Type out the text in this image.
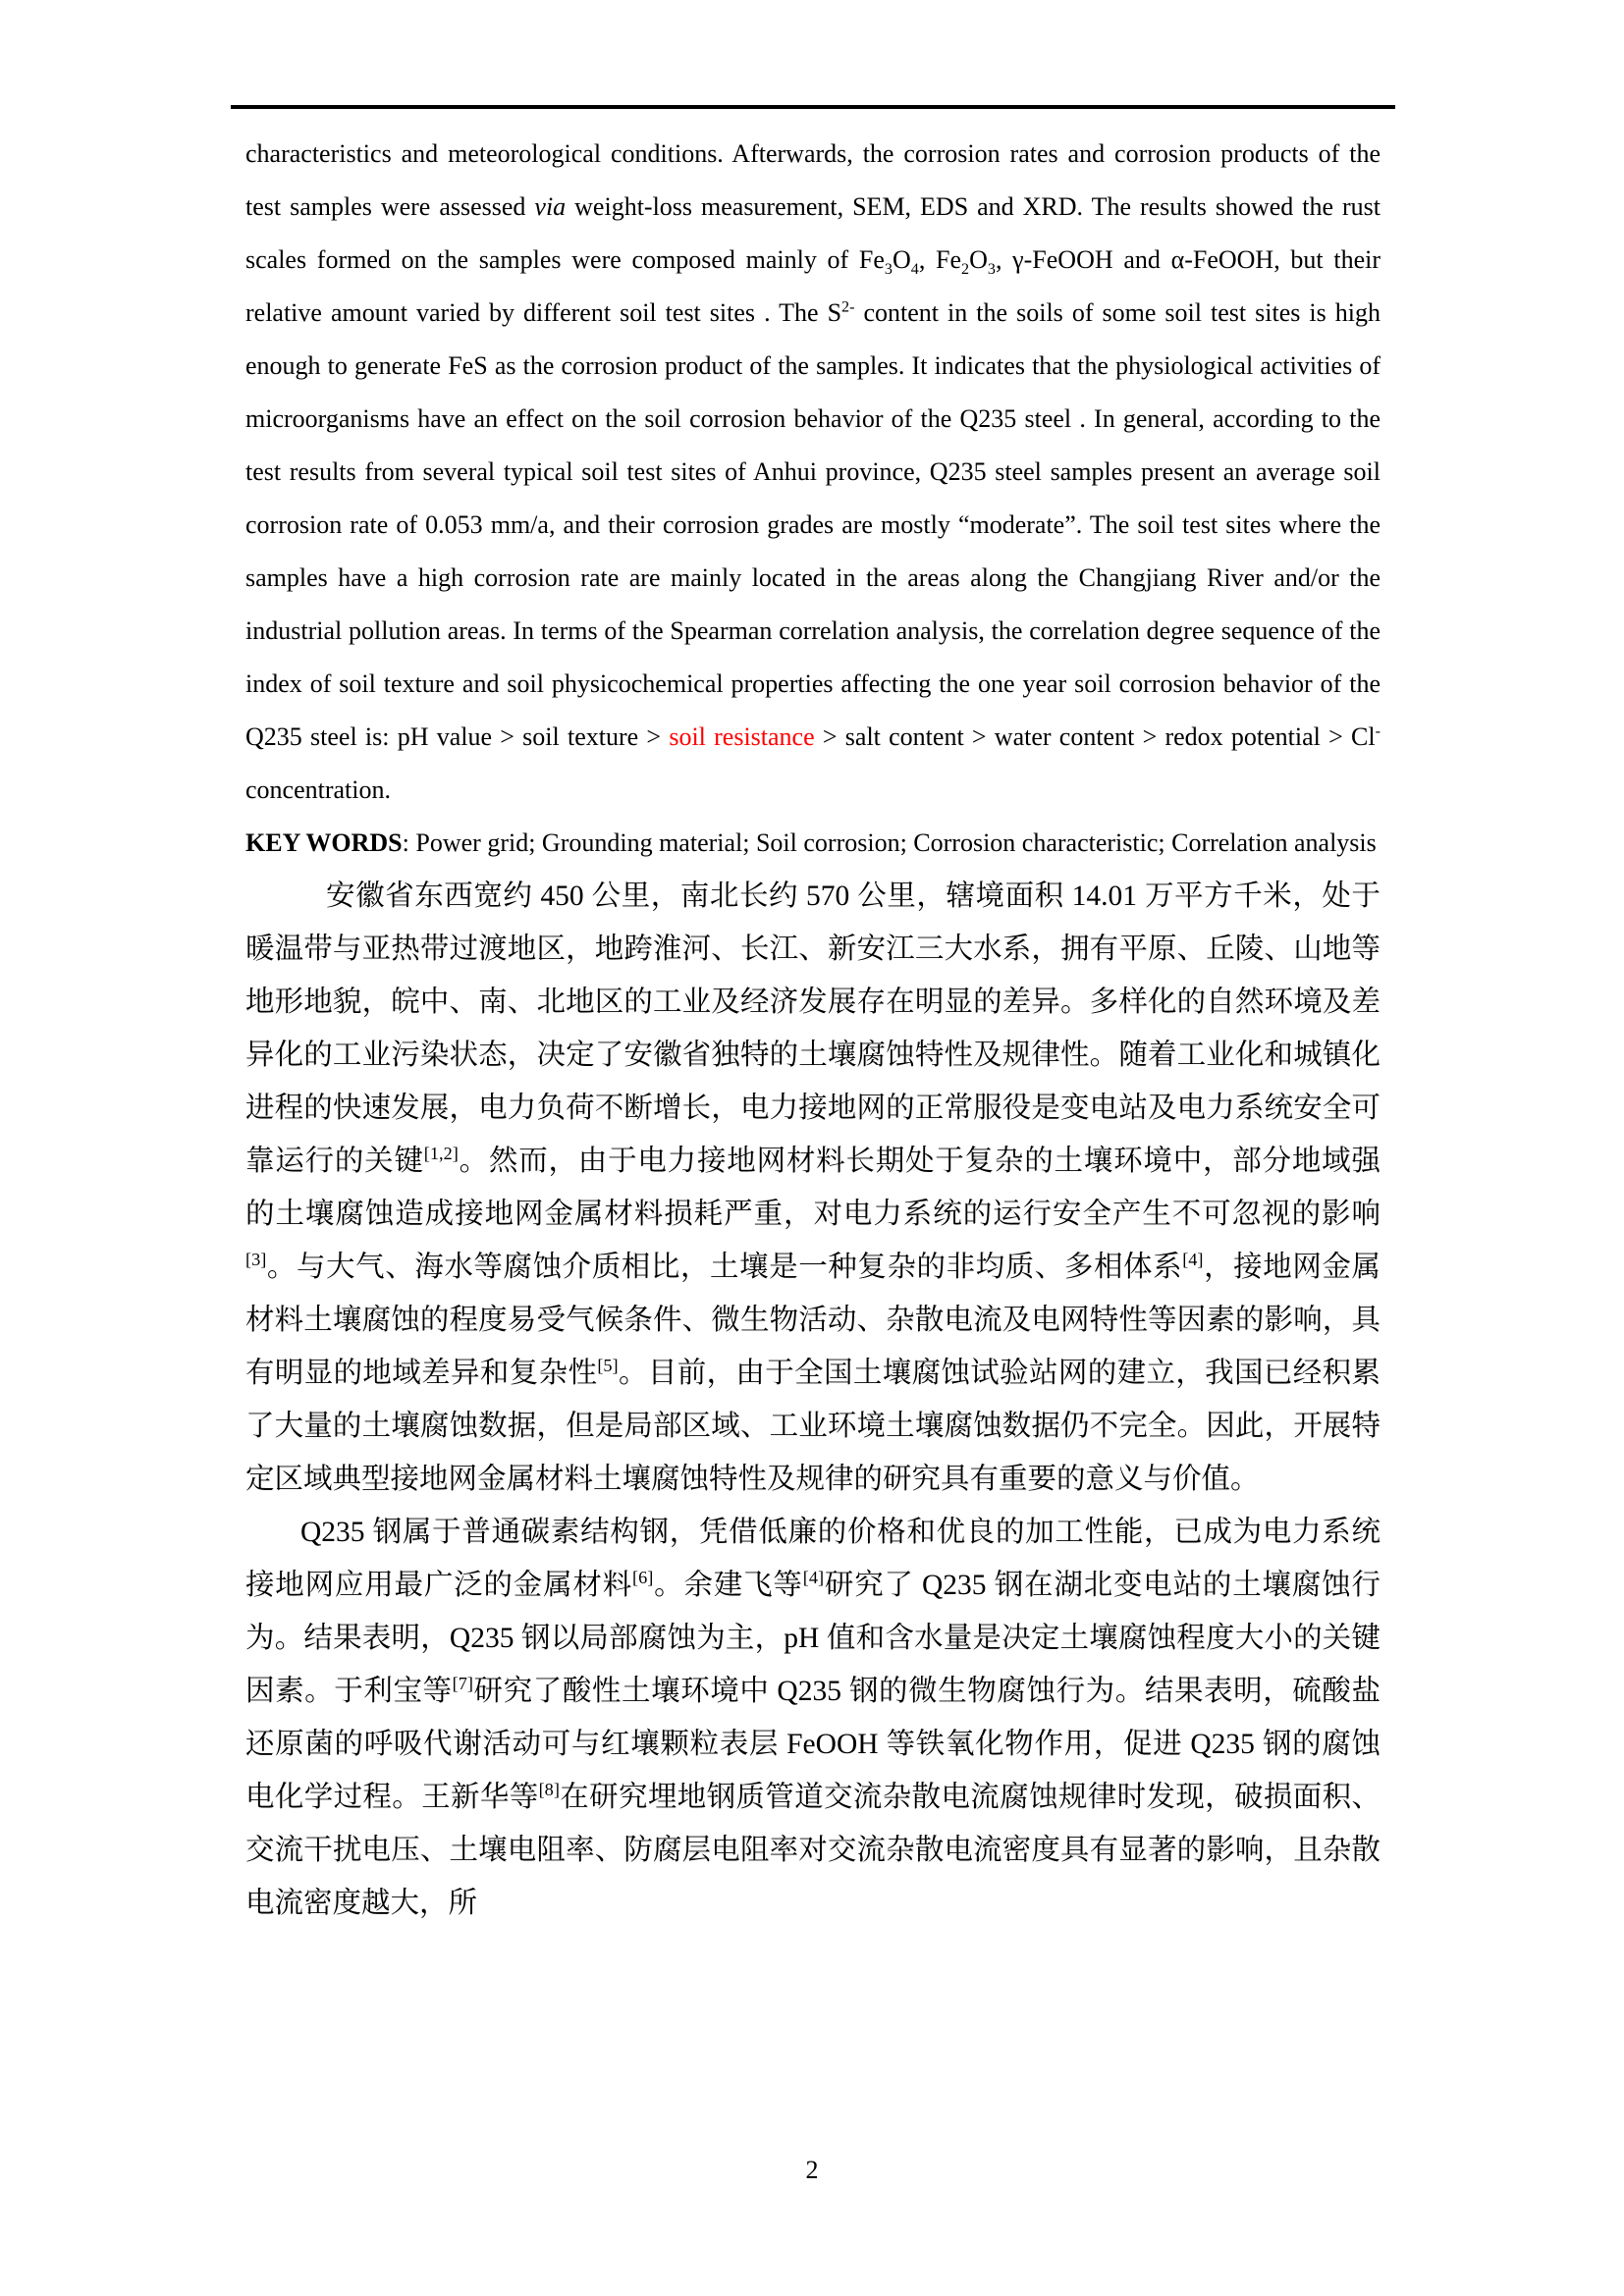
characteristics and meteorological conditions. Afterwards, the corrosion rates and corrosion products of the test samples were assessed via weight-loss measurement, SEM, EDS and XRD. The results showed the rust scales formed on the samples were composed mainly of $Fe_3O_4$, $Fe_2O_3$, γ-FeOOH and α-FeOOH, but their relative amount varied by different soil test sites . The $S^{2-}$ content in the soils of some soil test sites is high enough to generate FeS as the corrosion product of the samples. It indicates that the physiological activities of microorganisms have an effect on the soil corrosion behavior of the Q235 steel . In general, according to the test results from several typical soil test sites of Anhui province, Q235 steel samples present an average soil corrosion rate of 0.053 mm/a, and their corrosion grades are mostly “moderate”. The soil test sites where the samples have a high corrosion rate are mainly located in the areas along the Changjiang River and/or the industrial pollution areas. In terms of the Spearman correlation analysis, the correlation degree sequence of the index of soil texture and soil physicochemical properties affecting the one year soil corrosion behavior of the Q235 steel is: pH value > soil texture > soil resistance > salt content > water content > redox potential > Cl- concentration.

KEY WORDS: Power grid; Grounding material; Soil corrosion; Corrosion characteristic; Correlation analysis

安徽省东西宽约 450 公里，南北长约 570 公里，辖境面积 14.01 万平方千米，处于暖温带与亚热带过渡地区，地跨淮河、长江、新安江三大水系，拥有平原、丘陵、山地等地形地貌，皖中、南、北地区的工业及经济发展存在明显的差异。多样化的自然环境及差异化的工业污染状态，决定了安徽省独特的土壤腐蚀特性及规律性。随着工业化和城镇化进程的快速发展，电力负荷不断增长，电力接地网的正常服役是变电站及电力系统安全可靠运行的关键[1,2]。然而，由于电力接地网材料长期处于复杂的土壤环境中，部分地域强的土壤腐蚀造成接地网金属材料损耗严重，对电力系统的运行安全产生不可忽视的影响[3]。与大气、海水等腐蚀介质相比，土壤是一种复杂的非均质、多相体系[4]，接地网金属材料土壤腐蚀的程度易受气候条件、微生物活动、杂散电流及电网特性等因素的影响，具有明显的地域差异和复杂性[5]。目前，由于全国土壤腐蚀试验站网的建立，我国已经积累了大量的土壤腐蚀数据，但是局部区域、工业环境土壤腐蚀数据仍不完全。因此，开展特定区域典型接地网金属材料土壤腐蚀特性及规律的研究具有重要的意义与价值。

Q235 钢属于普通碳素结构钢，凭借低廉的价格和优良的加工性能，已成为电力系统接地网应用最广泛的金属材料[6]。余建飞等[4]研究了 Q235 钢在湖北变电站的土壤腐蚀行为。结果表明，Q235 钢以局部腐蚀为主，pH 值和含水量是决定土壤腐蚀程度大小的关键因素。于利宝等[7]研究了酸性土壤环境中 Q235 钢的微生物腐蚀行为。结果表明，硫酸盐还原菌的呼吸代谢活动可与红壤颗粒表层 FeOOH 等铁氧化物作用，促进 Q235 钢的腐蚀电化学过程。王新华等[8]在研究埋地钢质管道交流杂散电流腐蚀规律时发现，破损面积、交流干扰电压、土壤电阻率、防腐层电阻率对交流杂散电流密度具有显著的影响，且杂散电流密度越大，所

2
